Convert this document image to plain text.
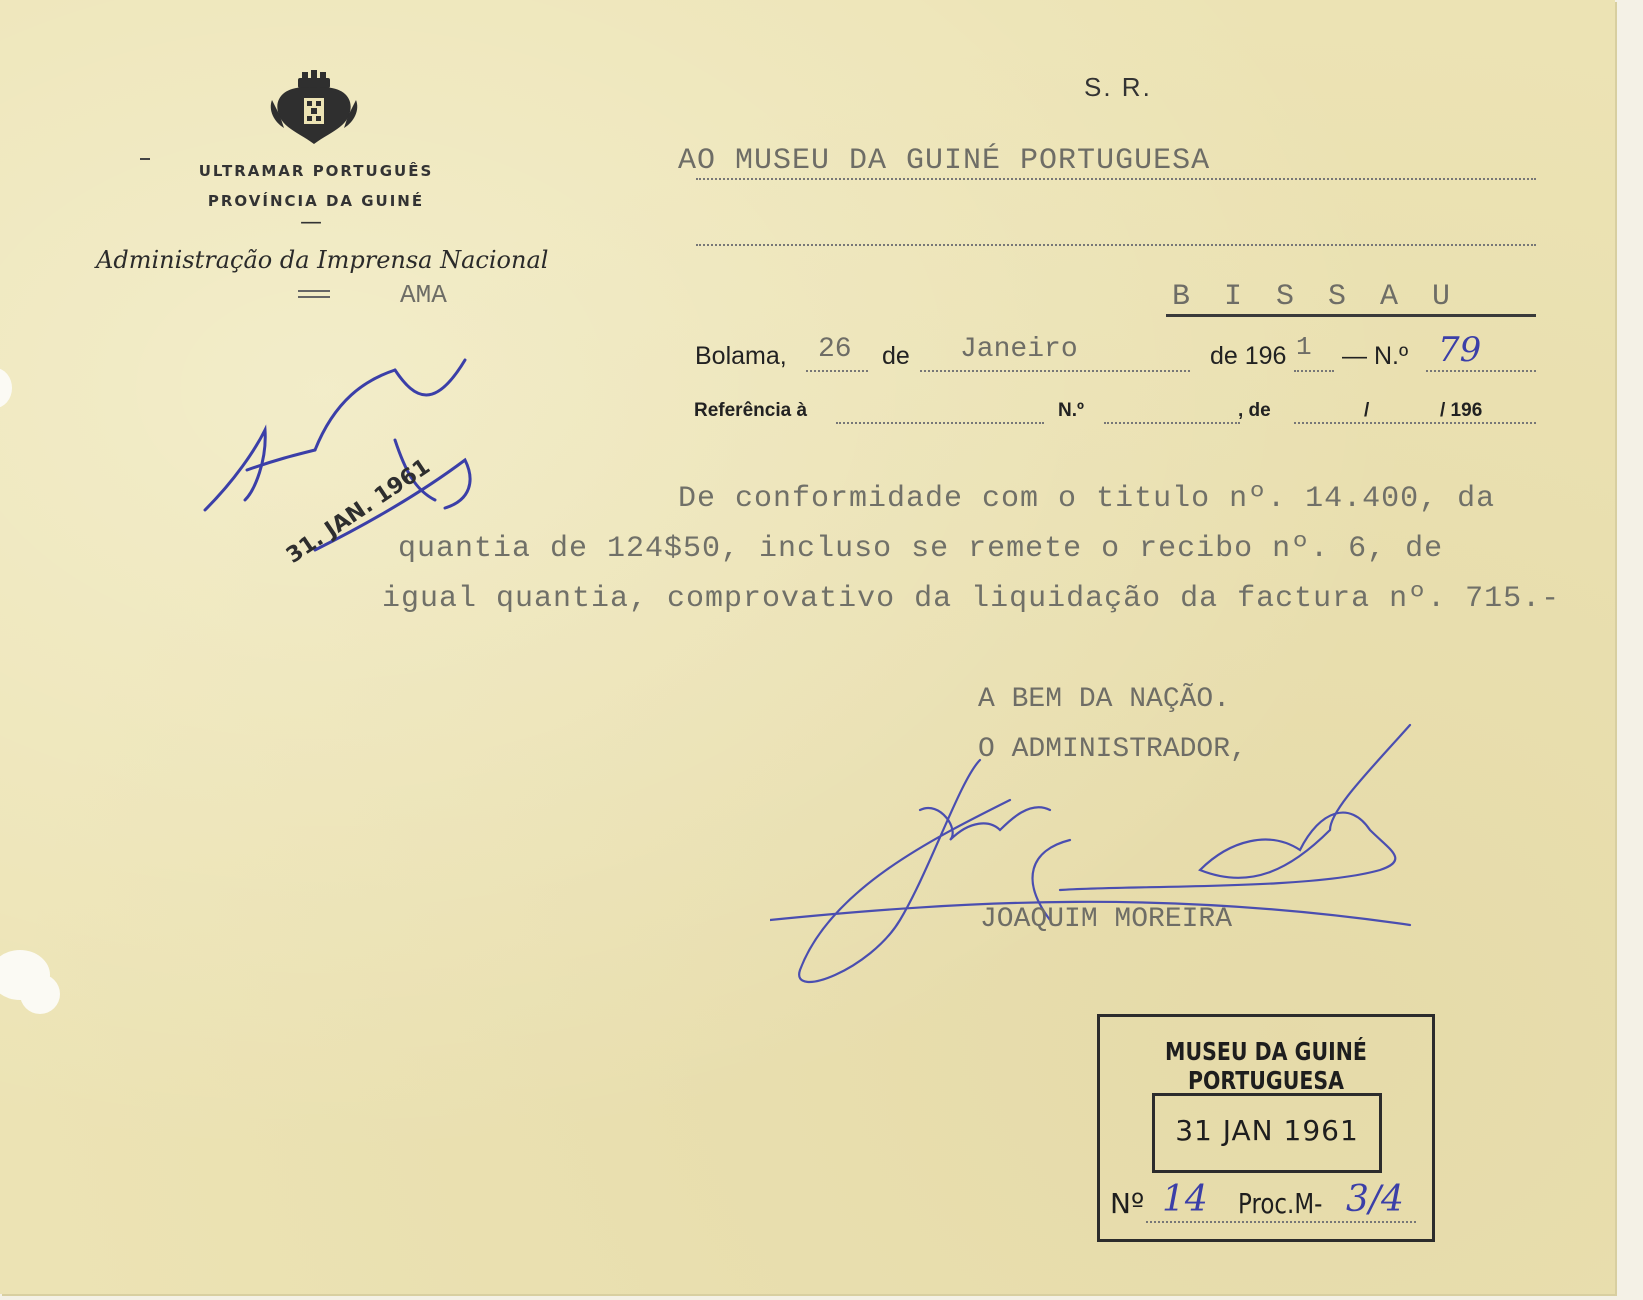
ULTRAMAR PORTUGUÊS
PROVÍNCIA DA GUINÉ
—
Administração da Imprensa Nacional
AMA
S. R.
AO MUSEU DA GUINÉ PORTUGUESA
B I S S A U
Bolama, 26 de Janeiro	de 196 1 — N.º 79
Referência à	N.º	, de	/	/ 196
31. JAN. 1961	De conformidade com o titulo nº. 14.400, da
quantia de 124$50, incluso se remete o recibo nº. 6, de
igual quantia, comprovativo da liquidação da factura nº. 715.-
A BEM DA NAÇÃO.
O ADMINISTRADOR,
JOAQUIM MOREIRA
MUSEU DA GUINÉ PORTUGUESA
31 JAN 1961
Nº 14 Proc.M- 3/4
